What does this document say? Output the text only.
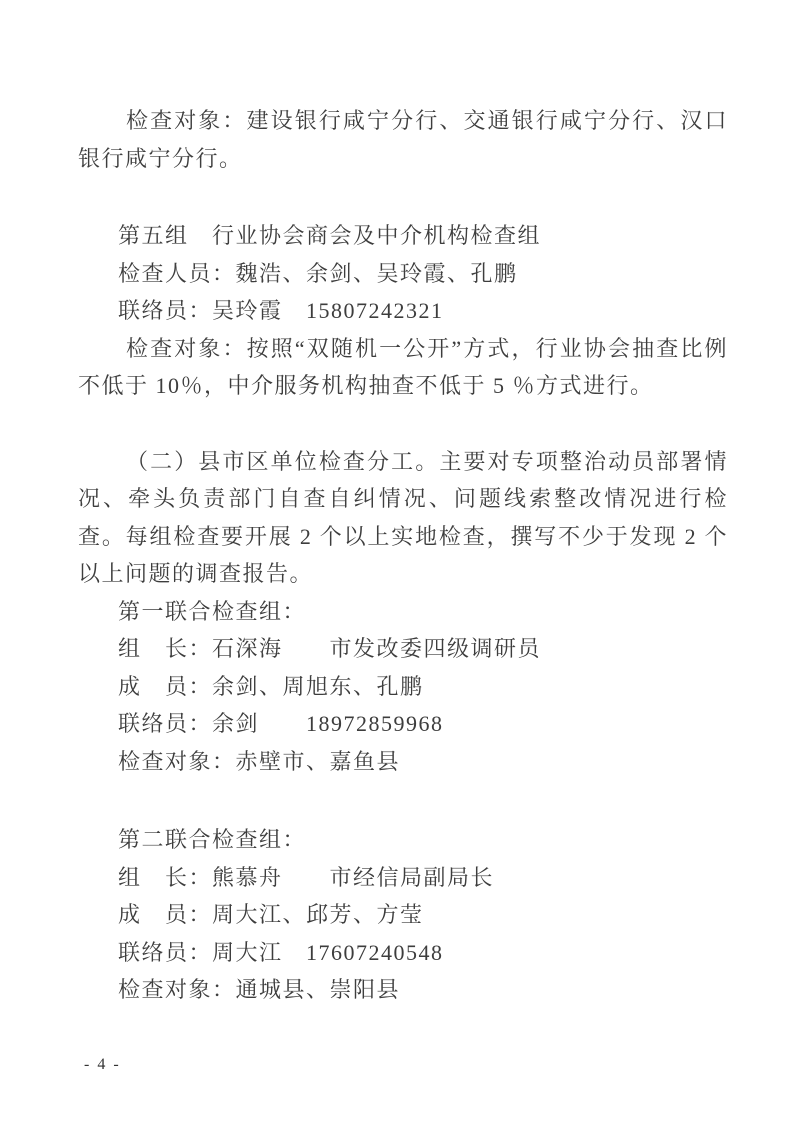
检查对象：建设银行咸宁分行、交通银行咸宁分行、汉口银行咸宁分行。

第五组　行业协会商会及中介机构检查组

检查人员：魏浩、余剑、吴玲霞、孔鹏

联络员：吴玲霞　15807242321

检查对象：按照“双随机一公开”方式，行业协会抽查比例不低于 10％，中介服务机构抽查不低于 5 ％方式进行。

（二）县市区单位检查分工。主要对专项整治动员部署情况、牵头负责部门自查自纠情况、问题线索整改情况进行检查。每组检查要开展 2 个以上实地检查，撰写不少于发现 2 个以上问题的调查报告。

第一联合检查组：

组　长：石深海　　市发改委四级调研员

成　员：余剑、周旭东、孔鹏

联络员：余剑　　18972859968

检查对象：赤壁市、嘉鱼县

第二联合检查组：

组　长：熊慕舟　　市经信局副局长

成　员：周大江、邱芳、方莹

联络员：周大江　17607240548

检查对象：通城县、崇阳县

- 4 -
